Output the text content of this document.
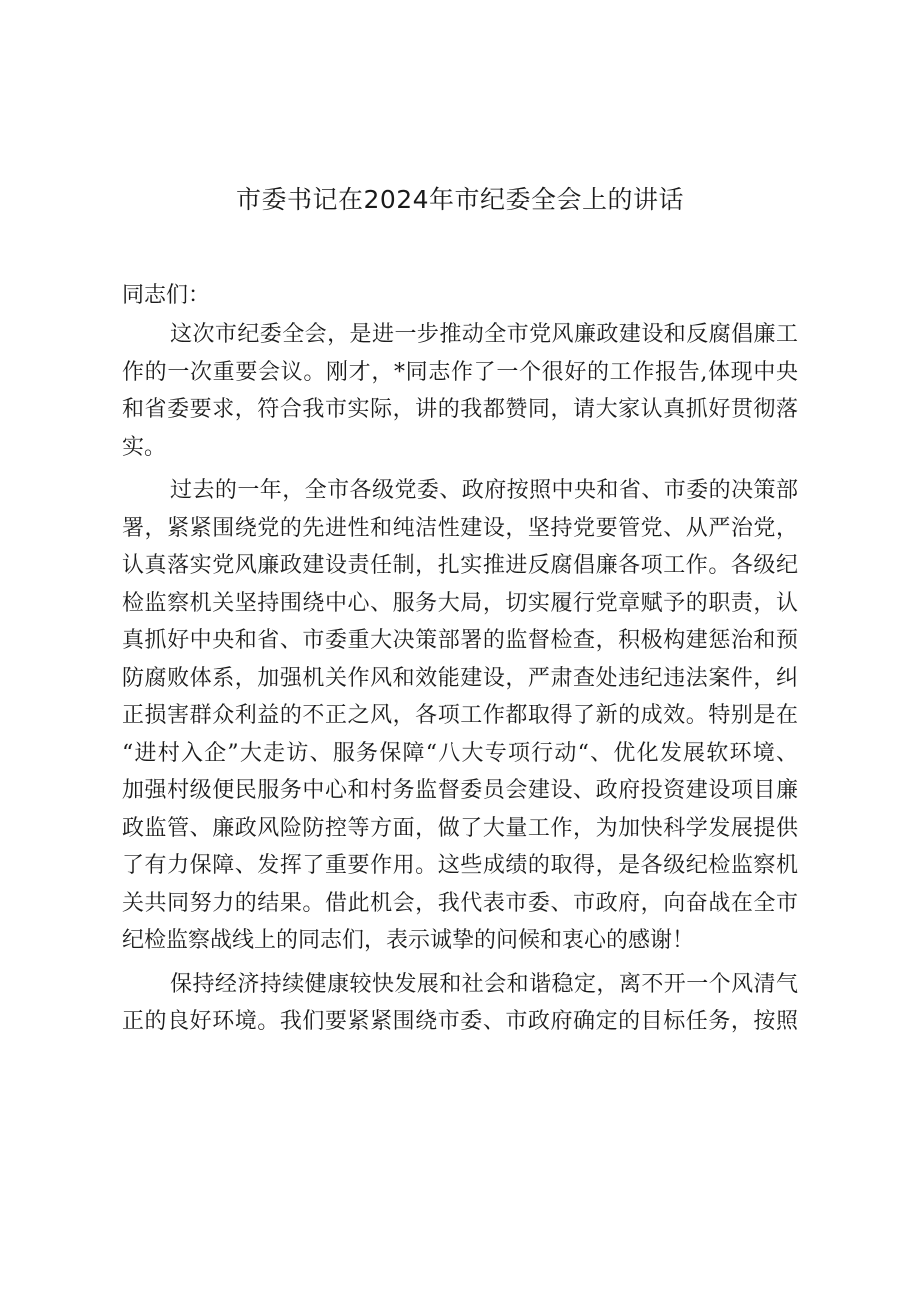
市委书记在2024年市纪委全会上的讲话

同志们：

这次市纪委全会，是进一步推动全市党风廉政建设和反腐倡廉工
作的一次重要会议。刚才，*同志作了一个很好的工作报告,体现中央
和省委要求，符合我市实际，讲的我都赞同，请大家认真抓好贯彻落
实。
过去的一年，全市各级党委、政府按照中央和省、市委的决策部
署，紧紧围绕党的先进性和纯洁性建设，坚持党要管党、从严治党，
认真落实党风廉政建设责任制，扎实推进反腐倡廉各项工作。各级纪
检监察机关坚持围绕中心、服务大局，切实履行党章赋予的职责，认
真抓好中央和省、市委重大决策部署的监督检查，积极构建惩治和预
防腐败体系，加强机关作风和效能建设，严肃查处违纪违法案件，纠
正损害群众利益的不正之风，各项工作都取得了新的成效。特别是在
“进村入企”大走访、服务保障“八大专项行动“、优化发展软环境、
加强村级便民服务中心和村务监督委员会建设、政府投资建设项目廉
政监管、廉政风险防控等方面，做了大量工作，为加快科学发展提供
了有力保障、发挥了重要作用。这些成绩的取得，是各级纪检监察机
关共同努力的结果。借此机会，我代表市委、市政府，向奋战在全市
纪检监察战线上的同志们，表示诚挚的问候和衷心的感谢！
保持经济持续健康较快发展和社会和谐稳定，离不开一个风清气
正的良好环境。我们要紧紧围绕市委、市政府确定的目标任务，按照
